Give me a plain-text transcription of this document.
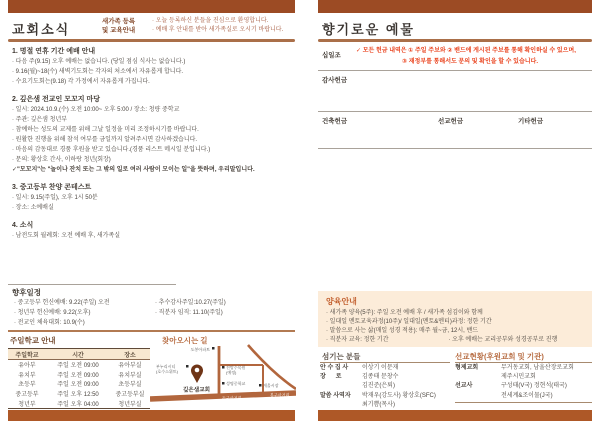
교회소식
새가족 등록
및 교육안내
· 오늘 등록하신 분들을 진심으로 환영합니다.
· 예배 후 안내를 받아 새가족실로 오시기 바랍니다.
1. 명절 연휴 기간 예배 안내
· 다음 주(9.15) 오후 예배는 없습니다. (당일 점심 식사는 없습니다.)
· 9.16(월)~18(수) 새벽기도회는 각자의 처소에서 자유롭게 합니다.
· 수요기도회는(9.18) 각 가정에서 자유롭게 가집니다.
2. 깊은샘 전교인 모꼬지 마당
· 일시: 2024.10.9.(수) 오전 10:00~ 오후 5:00 / 장소: 청량 중학교
· 주관: 깊은샘 청년부
· 참예하는 성도의 교제를 위해 그날 일정을 미리 조정하시기를 바랍니다.
· 원활한 진행을 위해 참석 여부를 금일까지 알려주시면 감사하겠습니다.
· 마음의 감동대로 경품 후원을 받고 있습니다.(경품 리스트 메시일 분입니다.)
· 문의: 황상호 간사, 이하랑 청년(회장)
✓"모꼬지"는 "놀이나 잔치 또는 그 밖의 일로 여러 사람이 모이는 일"을 뜻하며, 우리말입니다.
3. 중고등부 찬양 콘테스트
· 일시: 9.15(주일), 오후 1시 50분
· 장소: 소예배실
4. 소식
· 남전도회 월례회: 오전 예배 후, 새가족실
향후일정
· 중고등부 헌신예배: 9.22(주일) 오전
· 청년부 헌신예배: 9.22(오후)
· 전교인 체육대회: 10.9(수)
· 추수감사주일:10.27(주일)
· 직분자 임직: 11.10(주일)
주일학교 안내	찾아오시는 길
주일학교	시간	장소
유아부	주일 오전 09:00	유아부실
유치부	주일 오전 09:00	유치부실
초등부	주일 오전 09:00	초등부실
중고등부	주일 오후 12:50	중고등부실
청년부	주일 오후 04:00	청년부실
도봉아파트
부누리시티
(호수스위트)
전망수목원
(예정)
성명중학교	개울시장
동구사거리
봉구사거리
깊은샘교회
향기로운 예물
십일조
✓ 모든 헌금 내역은 ① 주일 주보와 ② 밴드에 게시된 주보를 통해 확인하실 수 있으며,
③ 재정부를 통해서도 문의 및 확인을 할 수 있습니다.
감사헌금
건축헌금	선교헌금	기타헌금
양육안내
· 새가족 양육(5주): 주일 오전 예배 후 / 새가족 섬김이와 함께
· 일대일 멘토교육과정(10주)/ 일대일(멘토&멘티)과정: 정한 기간
· 말씀으로 사는 삶(매일 성경 적용): 매주 월~금, 12시, 밴드
· 직분자 교육: 정한 기간	· 오후 예배는 교리공부와 성경공부로 진행
섬기는 분들	선교현황(후원교회 및 기관)
안 수 집 사	이상기 이문재
장      로	김종태 문창수
김진준(은퇴)
말씀 사역자	박재우(강도사) 황상호(SFC)
최기쁨(목사)
형제교회	무거동교회, 남울산장로교회
제주시민교회
선교사	구성태(V국) 정현석(태국)
전세계&조이물(J국)
